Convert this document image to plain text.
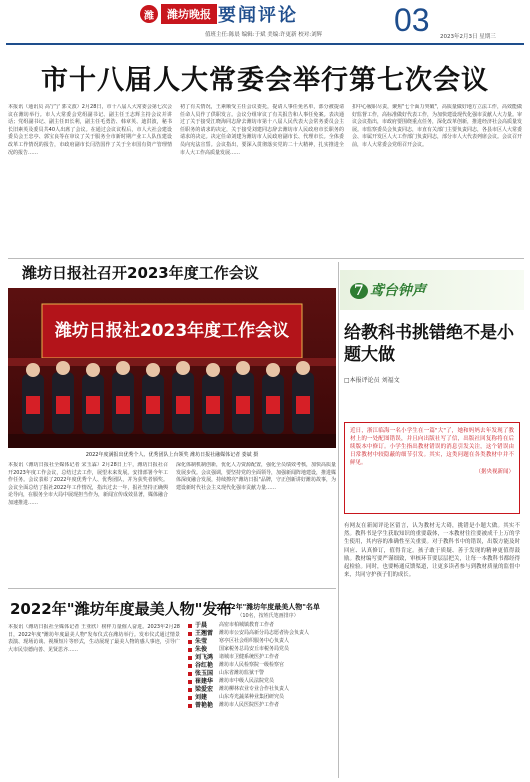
潍	潍坊晚报 要闻评论	03
值班主任:陈晨 编辑:于斌 美编:许更新 校对:刘辉	2023年2月3日 星期三
市十八届人大常委会举行第七次会议
本报讯（通讯员 高宁宁 郭文波）2月28日，市十八届人大常委会第七次会议在潍坊举行。市人大常委会党组副书记、副主任王志辉主持会议并讲话；党组副书记、副主任田长利，副主任毛勇浩、韩章英、迪洪波，秘书长旧素英及委员共40人出席了会议。在通过会议议程后，市人大社会建设委员会王忠亭、郭宝良等在审议了关于服务全市新时期产业工人队伍建设改革工作情况的报告，市政府副市长闫浩国作了关于全市国有资产管理情况的报告……
初了有关情况，王素顺受主任会议委托，提请人事任免名单，部分被提请任命人员作了供职发言。会议分组审议了有关报告和人事任免案。表决通过了关于接受江晓海同志辞去潍坊市第十八届人民代表大会常务委员会主任职务的请求的决定，关于接受刘建同志辞去潍坊市人民政府市长职务的请求的决定。决定任命刘建为潍坊市人民政府副市长、代理市长。全体委员向宪法宣誓。会议指出，要深入贯彻落实党的二十大精神，扎实推进全市人大工作高质量发展……
扣中心履职尽责，聚焦"七个面力突破"，高质量做好地方立法工作，高效能做好监督工作，高标准做好代表工作，为加快建设现代化强市贡献人大力量。审议会议指出，市政府要围绕重点任务，深化改革创新，推进经济社会高质量发展。市监察委员会负责同志，市直有关部门主要负责同志，各县市区人大常委会、市属开发区人大工作部门负责同志，部分市人大代表列席会议。会议召开前，市人大常委会党组召开会议。
潍坊日报社召开2023年度工作会议
潍坊日报社2023年度工作会议
2022年度满报出优秀个人、优秀团队上台领奖 潍坊日报社融媒体记者 娄斌 摄
本报讯（潍坊日报社全媒体记者 宋玉霖）2月28日上午，潍坊日报社召开2023年度工作会议，总结过去工作，展望未来发展。安排部署今年工作任务。会议表彰了2022年度优秀个人、优秀团队，并为获奖者颁奖。会议全面总结了报社2022年工作情况，指出过去一年，报社坚持正确舆论导向，在服务全市大局中展现担当作为，新闻宣传成效显著，媒体融合加速推进……
深化体制机制创新，优化人力资源配置，强化全员绩效考核，加快高质量发展步伐。会议强调，要坚持党的全面领导，加强新闻阵地建设，推进媒体深度融合发展，持续擦亮"潍坊日报"品牌，守正创新讲好潍坊故事，为建设新时代社会主义现代化强市贡献力量……
2022年"潍坊年度最美人物"发布
本报讯（潍坊日报社全媒体记者 王亚欣）榜样力量催人奋进。2023年2月28日，2022年度"潍坊年度最美人物"发布仪式在潍坊举行。发布仪式通过情景表演、现场访谈、视频短片等形式，生动展现了最美人物的感人事迹，引导广大市民崇德向善、见贤思齐……
2022年"潍坊年度最美人物"名单
（10名，按姓氏笔画排序）
于晨	高密市柏城镇教育工作者
王翘雷	潍坊市公安局高新分局志愿者协会负责人
朱莹	寒亭区社会组织服务中心负责人
朱俊	国家税务总局安丘市税务局党员
刘飞鸿	诸城市卫健系统医护工作者
谷红艳	潍坊市人民检察院一级检察官
张玉国	山东省潍坊监狱干警
崔建华	潍坊市中级人民法院党员
梁爱宏	潍坊柳林农业专业合作社负责人
刘建	山东寿光蔬菜种业集团研究员
曾艳艳	潍坊市人民医院医护工作者
7 鸢台钟声
给教科书挑错绝不是小题大做
□本报评论员 刘福文
近日，浙江临海一名小学生在一篇"大"了，她和妈妈去年发现了教材上的一处配图错误，并且向出版社写了信，出版社回复称将在后续版本中修订。小学生指出教材错误的消息引发关注，这个错误由日常教材中较隐蔽的细节引发。其实，这类问题在各类教材中并不鲜见。
（据央视新闻）
有网友在新闻评论区留言，认为教材无大碍，挑错是小题大做。其实不然。教科书是学生获取知识的重要载体，一本教材往往要被成千上万的学生使用，其内容的准确性至关重要。对于教科书中的错误，出版方能及时回应、认真修订，值得肯定。孩子敢于质疑、善于发现的精神更值得鼓励。教材编写要严谨细致，审核环节要层层把关，让每一本教科书都经得起检验。同时，也要畅通反馈渠道，让更多读者参与到教材质量的监督中来，共同守护孩子们的成长。
